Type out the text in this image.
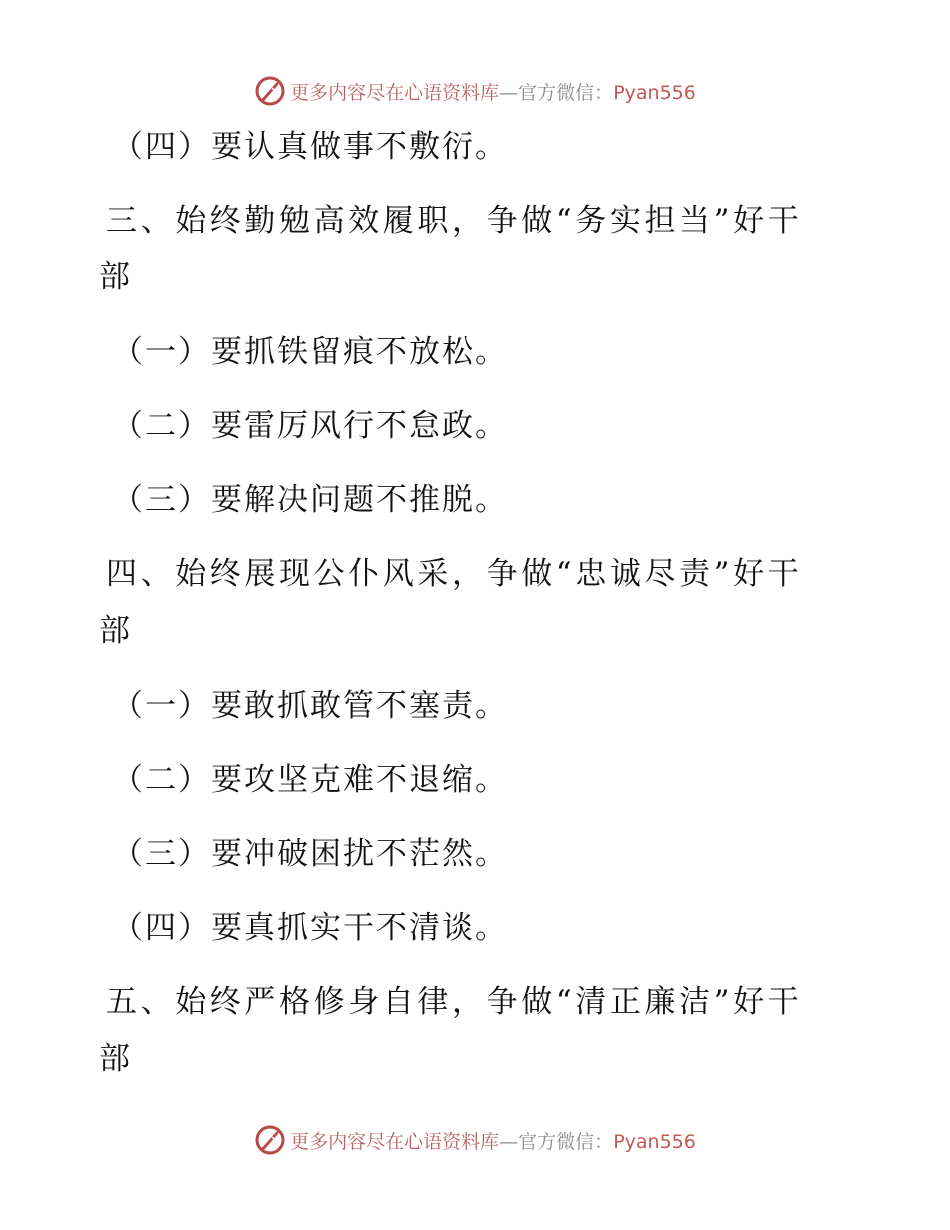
更多内容尽在心语资料库—官方微信：Pyan556
（四）要认真做事不敷衍。
三、始终勤勉高效履职，争做“务实担当”好干
部
（一）要抓铁留痕不放松。
（二）要雷厉风行不怠政。
（三）要解决问题不推脱。
四、始终展现公仆风采，争做“忠诚尽责”好干
部
（一）要敢抓敢管不塞责。
（二）要攻坚克难不退缩。
（三）要冲破困扰不茫然。
（四）要真抓实干不清谈。
五、始终严格修身自律，争做“清正廉洁”好干
部
更多内容尽在心语资料库—官方微信：Pyan556
